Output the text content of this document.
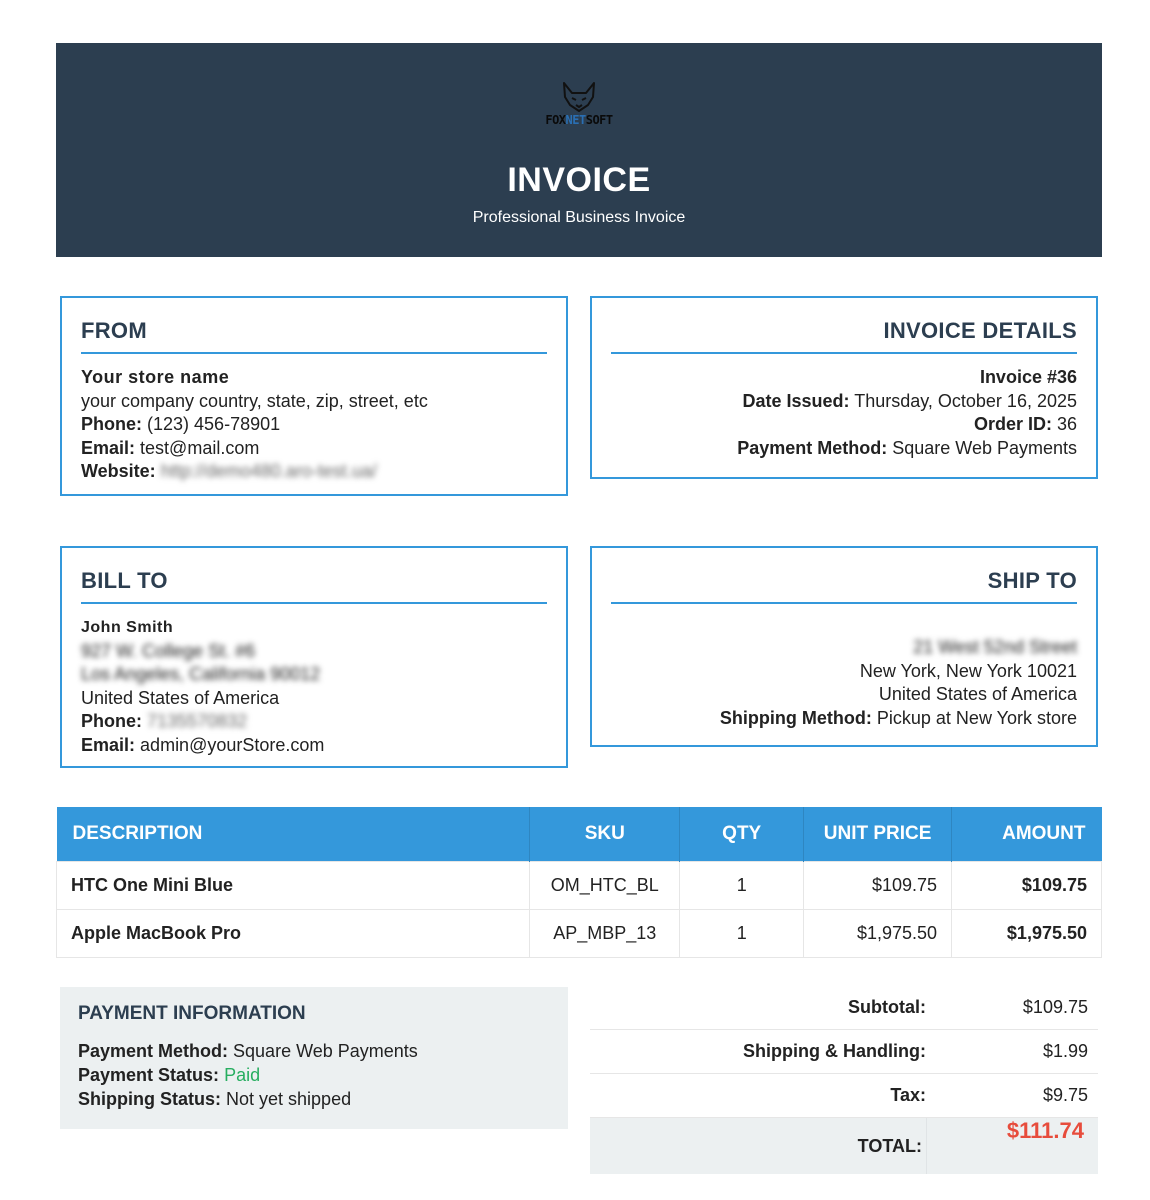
FOXNETSOFT
INVOICE
Professional Business Invoice
FROM
Your store name
your company country, state, zip, street, etc
Phone: (123) 456-78901
Email: test@mail.com
Website: http://demo480.aro-test.ua/
INVOICE DETAILS
Invoice #36
Date Issued: Thursday, October 16, 2025
Order ID: 36
Payment Method: Square Web Payments
BILL TO
John Smith
927 W. College St. #6
Los Angeles, California 90012
United States of America
Phone: 7135570832
Email: admin@yourStore.com
SHIP TO
21 West 52nd Street
New York, New York 10021
United States of America
Shipping Method: Pickup at New York store
DESCRIPTION	SKU	QTY	UNIT PRICE	AMOUNT
HTC One Mini Blue	OM_HTC_BL	1	$109.75	$109.75
Apple MacBook Pro	AP_MBP_13	1	$1,975.50	$1,975.50
PAYMENT INFORMATION
Payment Method: Square Web Payments
Payment Status: Paid
Shipping Status: Not yet shipped
Subtotal:	$109.75
Shipping & Handling:	$1.99
Tax:	$9.75
TOTAL:
$111.74
